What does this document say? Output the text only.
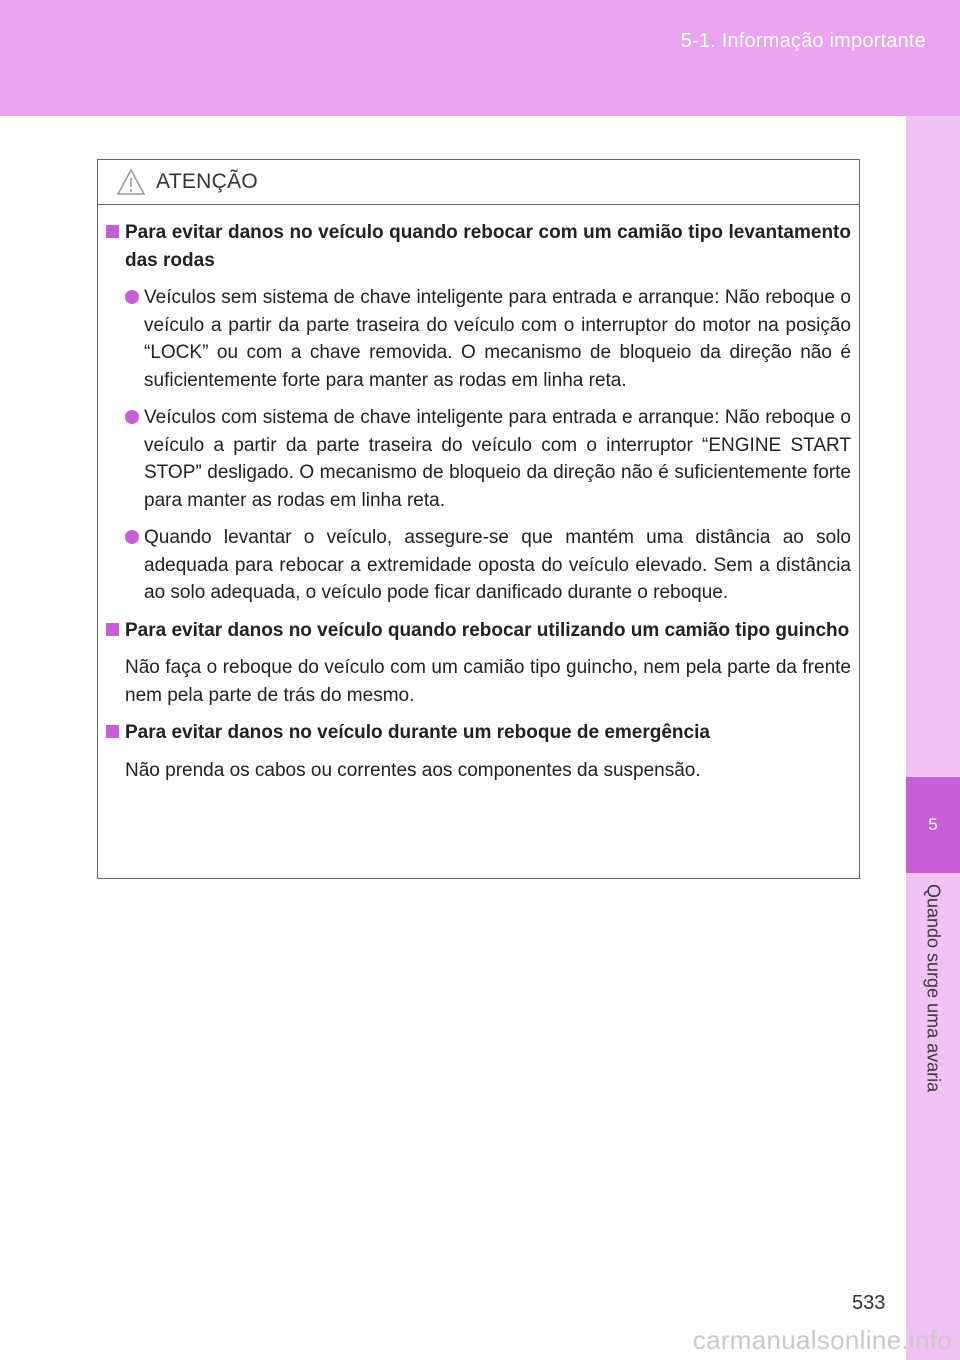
5-1. Informação importante
5
Quando surge uma avaria
ATENÇÃO
Para evitar danos no veículo quando rebocar com um camião tipo levantamento das rodas
Veículos sem sistema de chave inteligente para entrada e arranque: Não reboque o veículo a partir da parte traseira do veículo com o interruptor do motor na posição “LOCK” ou com a chave removida. O mecanismo de bloqueio da direção não é suficientemente forte para manter as rodas em linha reta.
Veículos com sistema de chave inteligente para entrada e arranque: Não reboque o veículo a partir da parte traseira do veículo com o interruptor “ENGINE START STOP” desligado. O mecanismo de bloqueio da direção não é suficientemente forte para manter as rodas em linha reta.
Quando levantar o veículo, assegure-se que mantém uma distância ao solo adequada para rebocar a extremidade oposta do veículo elevado. Sem a distância ao solo adequada, o veículo pode ficar danificado durante o reboque.
Para evitar danos no veículo quando rebocar utilizando um camião tipo guincho
Não faça o reboque do veículo com um camião tipo guincho, nem pela parte da frente nem pela parte de trás do mesmo.
Para evitar danos no veículo durante um reboque de emergência
Não prenda os cabos ou correntes aos componentes da suspensão.
533
carmanualsonline.info
